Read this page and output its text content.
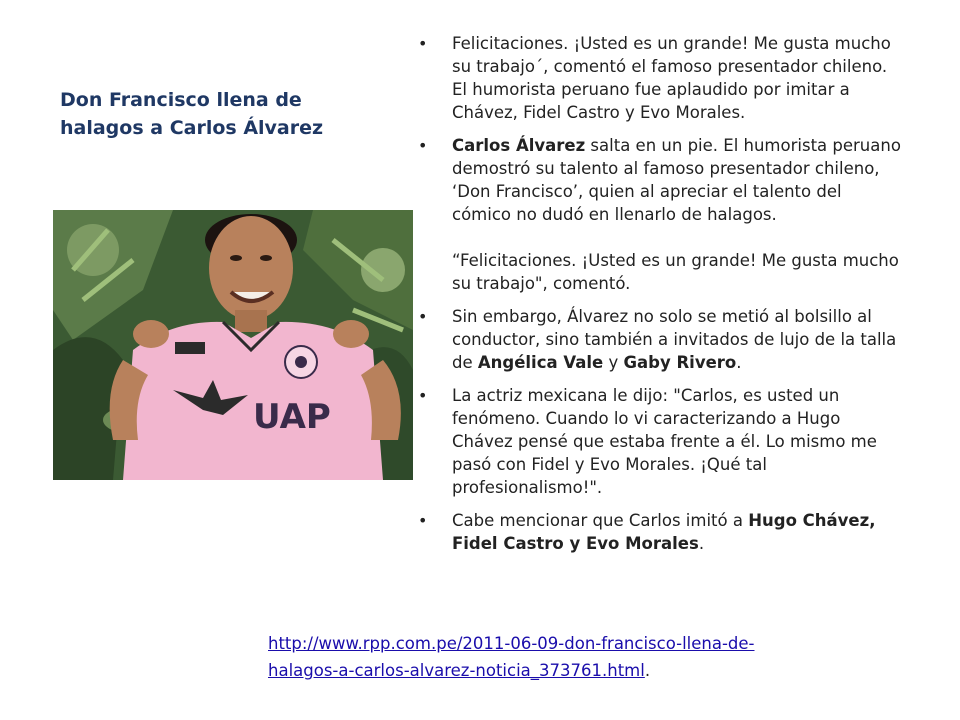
Don Francisco llena de halagos a Carlos Álvarez
UAP
• Felicitaciones. ¡Usted es un grande! Me gusta mucho su trabajo´, comentó el famoso presentador chileno. El humorista peruano fue aplaudido por imitar a Chávez, Fidel Castro y Evo Morales.
• Carlos Álvarez salta en un pie. El humorista peruano demostró su talento al famoso presentador chileno, ‘Don Francisco’, quien al apreciar el talento del cómico no dudó en llenarlo de halagos.
“Felicitaciones. ¡Usted es un grande! Me gusta mucho su trabajo", comentó.
• Sin embargo, Álvarez no solo se metió al bolsillo al conductor, sino también a invitados de lujo de la talla de Angélica Vale y Gaby Rivero.
• La actriz mexicana le dijo: "Carlos, es usted un fenómeno. Cuando lo vi caracterizando a Hugo Chávez pensé que estaba frente a él. Lo mismo me pasó con Fidel y Evo Morales. ¡Qué tal profesionalismo!".
• Cabe mencionar que Carlos imitó a Hugo Chávez, Fidel Castro y Evo Morales.
http://www.rpp.com.pe/2011-06-09-don-francisco-llena-de-
halagos-a-carlos-alvarez-noticia_373761.html.
